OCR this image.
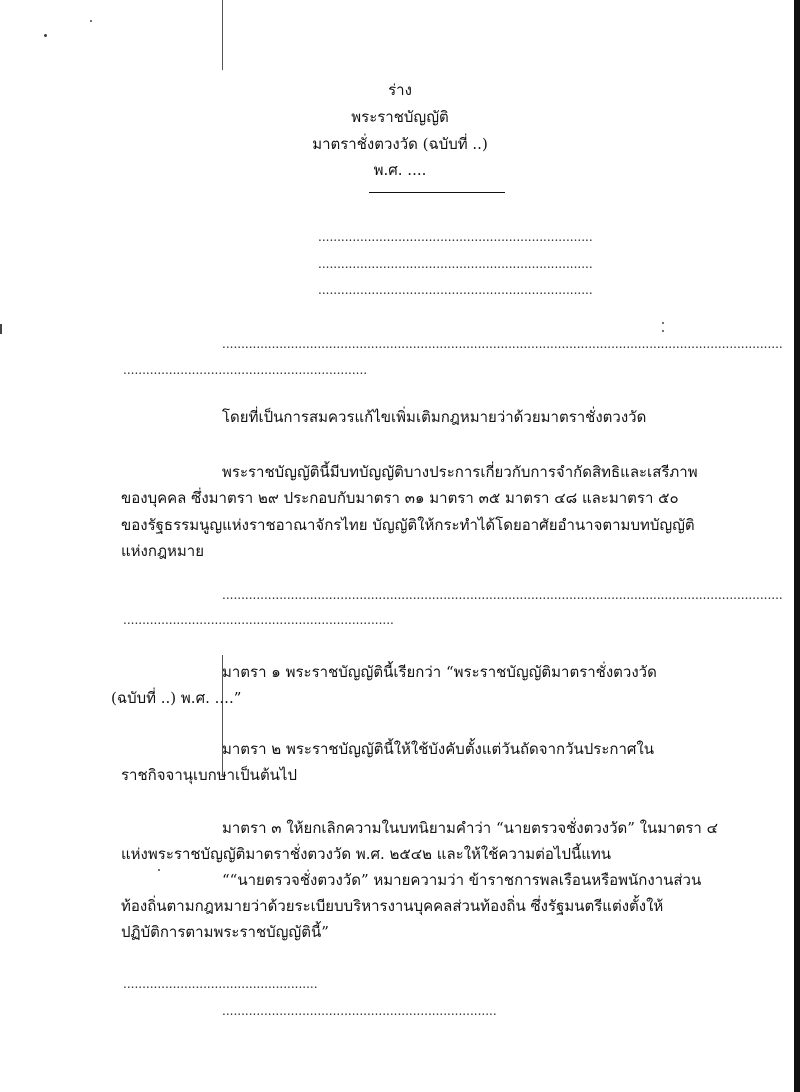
ร่าง
พระราชบัญญัติ
มาตราชั่งตวงวัด (ฉบับที่ ..)
พ.ศ. ....
........................................................................
........................................................................
........................................................................
...................................................................................................................................................
................................................................
โดยที่เป็นการสมควรแก้ไขเพิ่มเติมกฎหมายว่าด้วยมาตราชั่งตวงวัด
พระราชบัญญัตินี้มีบทบัญญัติบางประการเกี่ยวกับการจำกัดสิทธิและเสรีภาพ
ของบุคคล ซึ่งมาตรา ๒๙ ประกอบกับมาตรา ๓๑ มาตรา ๓๕ มาตรา ๔๘ และมาตรา ๕๐
ของรัฐธรรมนูญแห่งราชอาณาจักรไทย บัญญัติให้กระทำได้โดยอาศัยอำนาจตามบทบัญญัติ
แห่งกฎหมาย
...................................................................................................................................................
.......................................................................
มาตรา ๑ พระราชบัญญัตินี้เรียกว่า “พระราชบัญญัติมาตราชั่งตวงวัด
(ฉบับที่ ..) พ.ศ. ....”
มาตรา ๒ พระราชบัญญัตินี้ให้ใช้บังคับตั้งแต่วันถัดจากวันประกาศใน
ราชกิจจานุเบกษาเป็นต้นไป
มาตรา ๓ ให้ยกเลิกความในบทนิยามคำว่า “นายตรวจชั่งตวงวัด” ในมาตรา ๔
แห่งพระราชบัญญัติมาตราชั่งตวงวัด พ.ศ. ๒๕๔๒ และให้ใช้ความต่อไปนี้แทน
““นายตรวจชั่งตวงวัด” หมายความว่า ข้าราชการพลเรือนหรือพนักงานส่วน
ท้องถิ่นตามกฎหมายว่าด้วยระเบียบบริหารงานบุคคลส่วนท้องถิ่น ซึ่งรัฐมนตรีแต่งตั้งให้
ปฏิบัติการตามพระราชบัญญัตินี้”
...................................................
........................................................................
